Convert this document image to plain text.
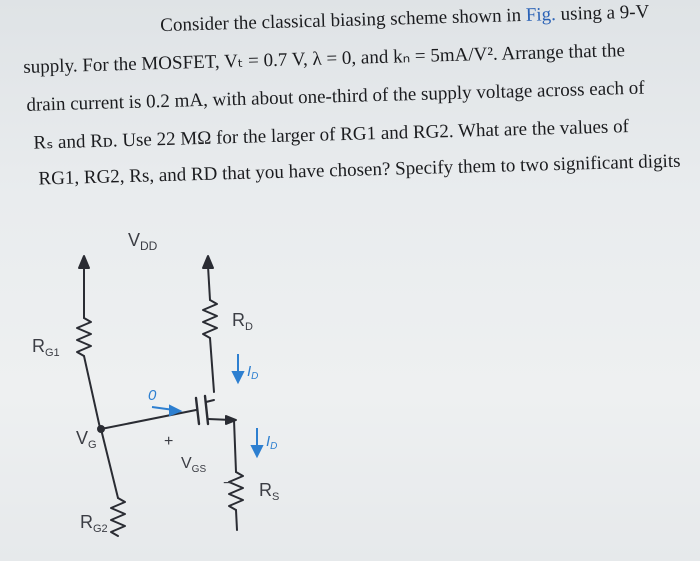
Consider the classical biasing scheme shown in Fig. using a 9-V
supply. For the MOSFET, Vₜ = 0.7 V, λ = 0, and kₙ = 5mA/V². Arrange that the
drain current is 0.2 mA, with about one-third of the supply voltage across each of
Rₛ and Rᴅ. Use 22 MΩ for the larger of RG1 and RG2. What are the values of
RG1, RG2, Rs, and RD that you have chosen? Specify them to two significant digits
$V_{DD}$
$R_{G1}$
$V_G$
$R_{G2}$
$R_D$
$R_S$
$V_{GS}$
$I_D$
$I_D$
0
+
−
